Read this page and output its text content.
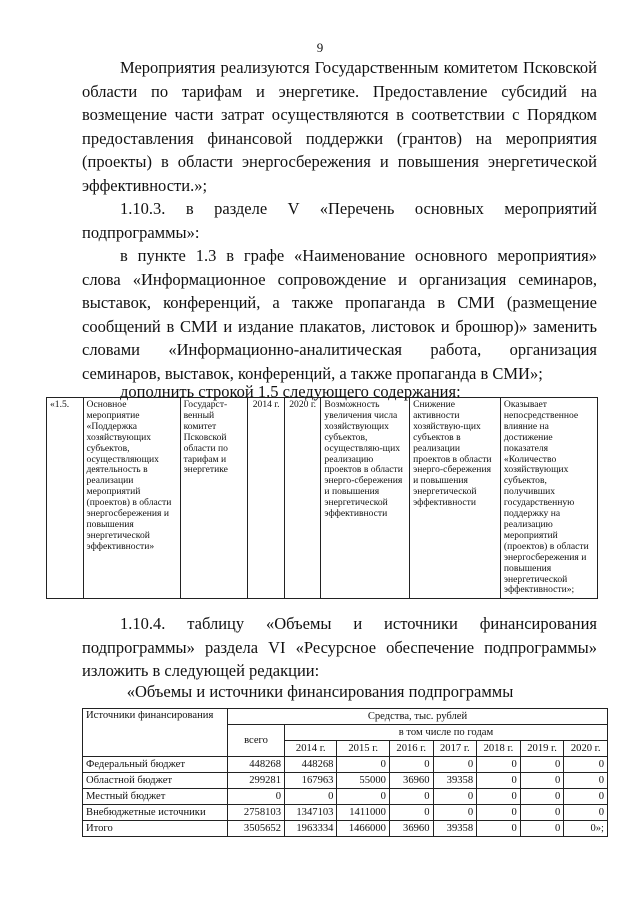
9

Мероприятия реализуются Государственным комитетом Псковской области по тарифам и энергетике. Предоставление субсидий на возмещение части затрат осуществляются в соответствии с Порядком предоставления финансовой поддержки (грантов) на мероприятия (проекты) в области энергосбережения и повышения энергетической эффективности.»;

1.10.3. в разделе V «Перечень основных мероприятий подпрограммы»:

в пункте 1.3 в графе «Наименование основного мероприятия» слова «Информационное сопровождение и организация семинаров, выставок, конференций, а также пропаганда в СМИ (размещение сообщений в СМИ и издание плакатов, листовок и брошюр)» заменить словами «Информационно-аналитическая работа, организация семинаров, выставок, конференций, а также пропаганда в СМИ»;

дополнить строкой 1.5 следующего содержания:

«1.5.	Основное мероприятие «Поддержка хозяйствующих субъектов, осуществляющих деятельность в реализации мероприятий (проектов) в области энергосбережения и повышения энергетической эффективности»	Государст-венный комитет Псковской области по тарифам и энергетике	2014 г.	2020 г.	Возможность увеличения числа хозяйствующих субъектов, осуществляю-щих реализацию проектов в области энерго-сбережения и повышения энергетической эффективности	Снижение активности хозяйствую-щих субъектов в реализации проектов в области энерго-сбережения и повышения энергетической эффективности	Оказывает непосредственное влияние на достижение показателя «Количество хозяйствующих субъектов, получивших государственную поддержку на реализацию мероприятий (проектов) в области энергосбережения и повышения энергетической эффективности»;

1.10.4. таблицу «Объемы и источники финансирования подпрограммы» раздела VI «Ресурсное обеспечение подпрограммы» изложить в следующей редакции:

«Объемы и источники финансирования подпрограммы
Источники финансирования	Средства, тыс. рублей							
	всего	в том числе по годам						
		2014 г.	2015 г.	2016 г.	2017 г.	2018 г.	2019 г.	2020 г.
Федеральный бюджет	448268	448268	0	0	0	0	0	0
Областной бюджет	299281	167963	55000	36960	39358	0	0	0
Местный бюджет	0	0	0	0	0	0	0	0
Внебюджетные источники	2758103	1347103	1411000	0	0	0	0	0
Итого	3505652	1963334	1466000	36960	39358	0	0	0»;
